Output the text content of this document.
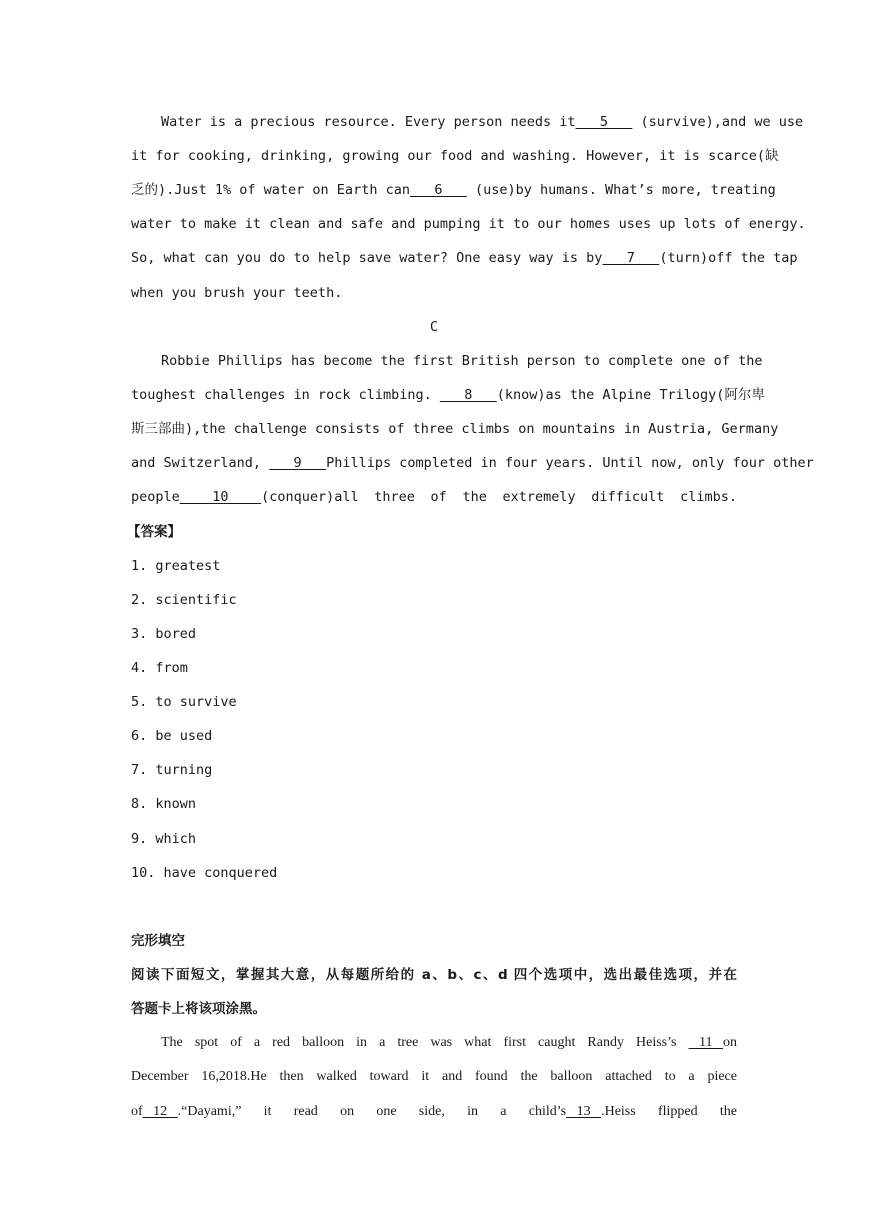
Water is a precious resource. Every person needs it   5    (survive),and we use
it for cooking, drinking, growing our food and washing. However, it is scarce(缺
乏的).Just 1% of water on Earth can   6    (use)by humans. What’s more, treating
water to make it clean and safe and pumping it to our homes uses up lots of energy.
So, what can you do to help save water? One easy way is by   7   (turn)off the tap
when you brush your teeth.
C
Robbie Phillips has become the first British person to complete one of the
toughest challenges in rock climbing.    8   (know)as the Alpine Trilogy(阿尔卑
斯三部曲),the challenge consists of three climbs on mountains in Austria, Germany
and Switzerland,    9   Phillips completed in four years. Until now, only four other
people    10    (conquer)all three of the extremely difficult climbs.
【答案】
1. greatest
2. scientific
3. bored
4. from
5. to survive
6. be used
7. turning
8. known
9. which
10. have conquered
完形填空
阅读下面短文，掌握其大意，从每题所给的 a、b、c、d 四个选项中，选出最佳选项，并在
答题卡上将该项涂黑。
The spot of a red balloon in a tree was what first caught Randy Heiss’s    11   on
December 16,2018.He then walked toward it and found the balloon attached to a piece
of   12   .“Dayami,” it read on one side, in a child’s   13   .Heiss flipped the
